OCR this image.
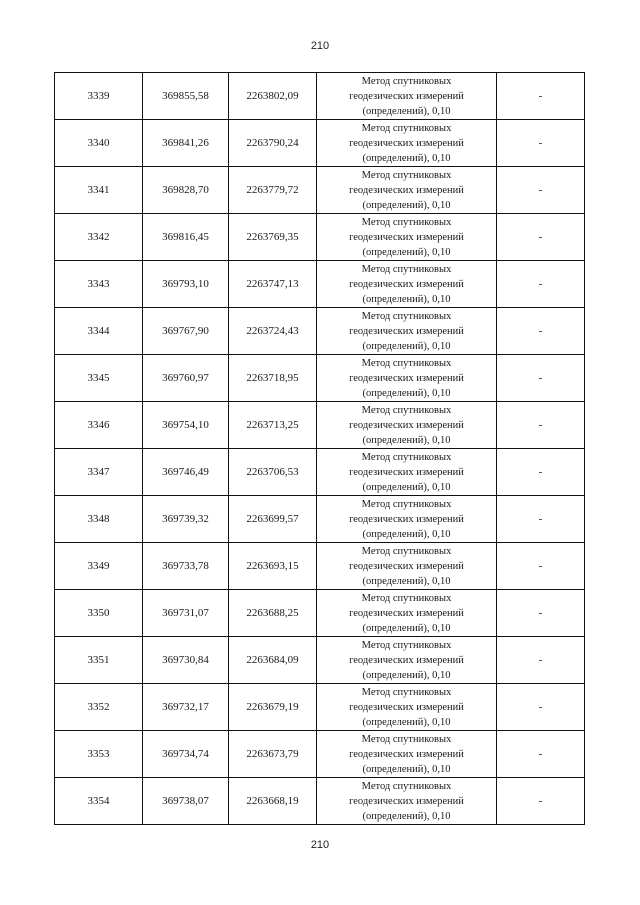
210
3339	369855,58	2263802,09	Метод спутниковых
геодезических измерений
(определений), 0,10	-
3340	369841,26	2263790,24	Метод спутниковых
геодезических измерений
(определений), 0,10	-
3341	369828,70	2263779,72	Метод спутниковых
геодезических измерений
(определений), 0,10	-
3342	369816,45	2263769,35	Метод спутниковых
геодезических измерений
(определений), 0,10	-
3343	369793,10	2263747,13	Метод спутниковых
геодезических измерений
(определений), 0,10	-
3344	369767,90	2263724,43	Метод спутниковых
геодезических измерений
(определений), 0,10	-
3345	369760,97	2263718,95	Метод спутниковых
геодезических измерений
(определений), 0,10	-
3346	369754,10	2263713,25	Метод спутниковых
геодезических измерений
(определений), 0,10	-
3347	369746,49	2263706,53	Метод спутниковых
геодезических измерений
(определений), 0,10	-
3348	369739,32	2263699,57	Метод спутниковых
геодезических измерений
(определений), 0,10	-
3349	369733,78	2263693,15	Метод спутниковых
геодезических измерений
(определений), 0,10	-
3350	369731,07	2263688,25	Метод спутниковых
геодезических измерений
(определений), 0,10	-
3351	369730,84	2263684,09	Метод спутниковых
геодезических измерений
(определений), 0,10	-
3352	369732,17	2263679,19	Метод спутниковых
геодезических измерений
(определений), 0,10	-
3353	369734,74	2263673,79	Метод спутниковых
геодезических измерений
(определений), 0,10	-
3354	369738,07	2263668,19	Метод спутниковых
геодезических измерений
(определений), 0,10	-
210
